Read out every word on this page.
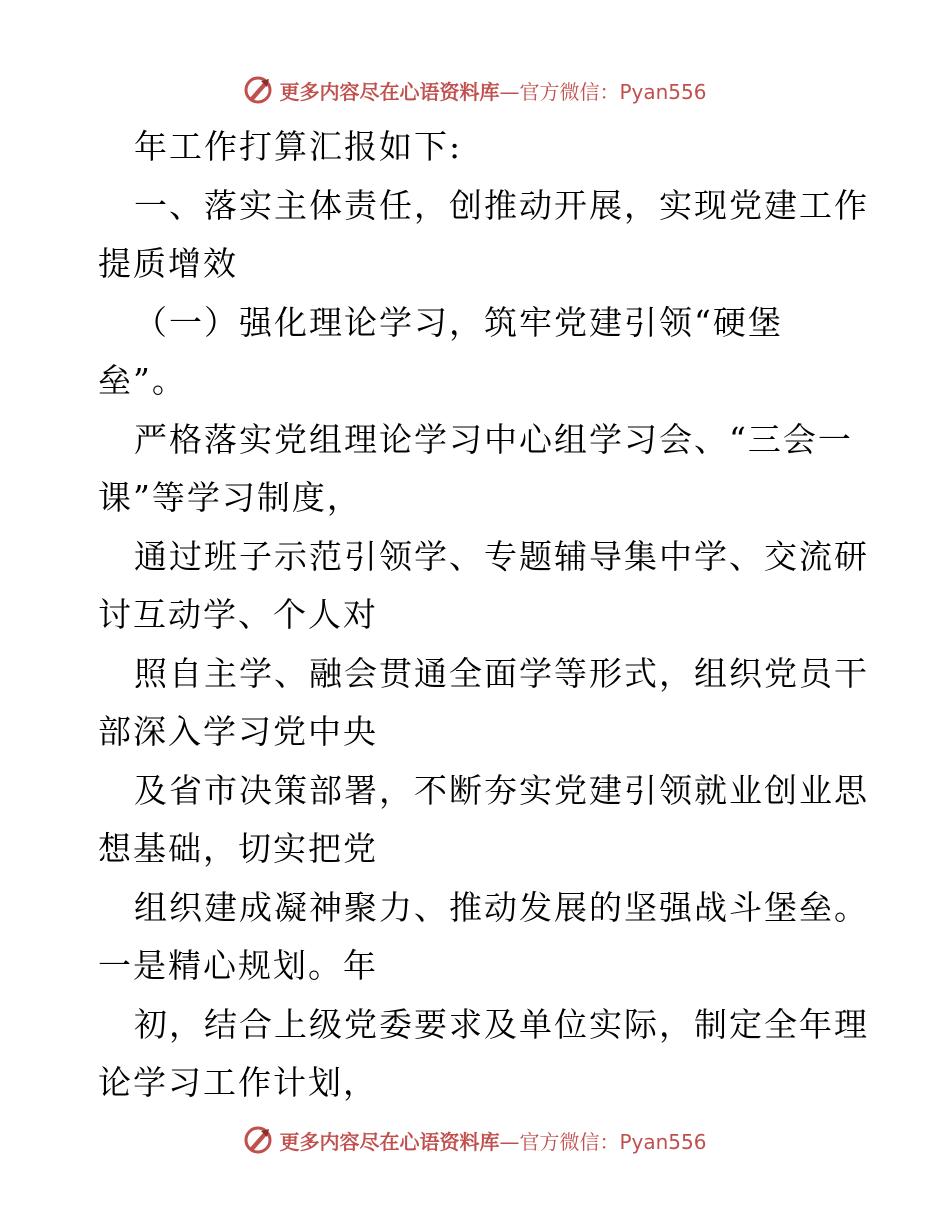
更多内容尽在心语资料库—官方微信：Pyan556
年工作打算汇报如下:
一、落实主体责任，创推动开展，实现党建工作
提质增效
（一）强化理论学习，筑牢党建引领“硬堡
垒”。
严格落实党组理论学习中心组学习会、“三会一
课”等学习制度，
通过班子示范引领学、专题辅导集中学、交流研
讨互动学、个人对
照自主学、融会贯通全面学等形式，组织党员干
部深入学习党中央
及省市决策部署，不断夯实党建引领就业创业思
想基础，切实把党
组织建成凝神聚力、推动发展的坚强战斗堡垒。
一是精心规划。年
初，结合上级党委要求及单位实际，制定全年理
论学习工作计划，
更多内容尽在心语资料库—官方微信：Pyan556
